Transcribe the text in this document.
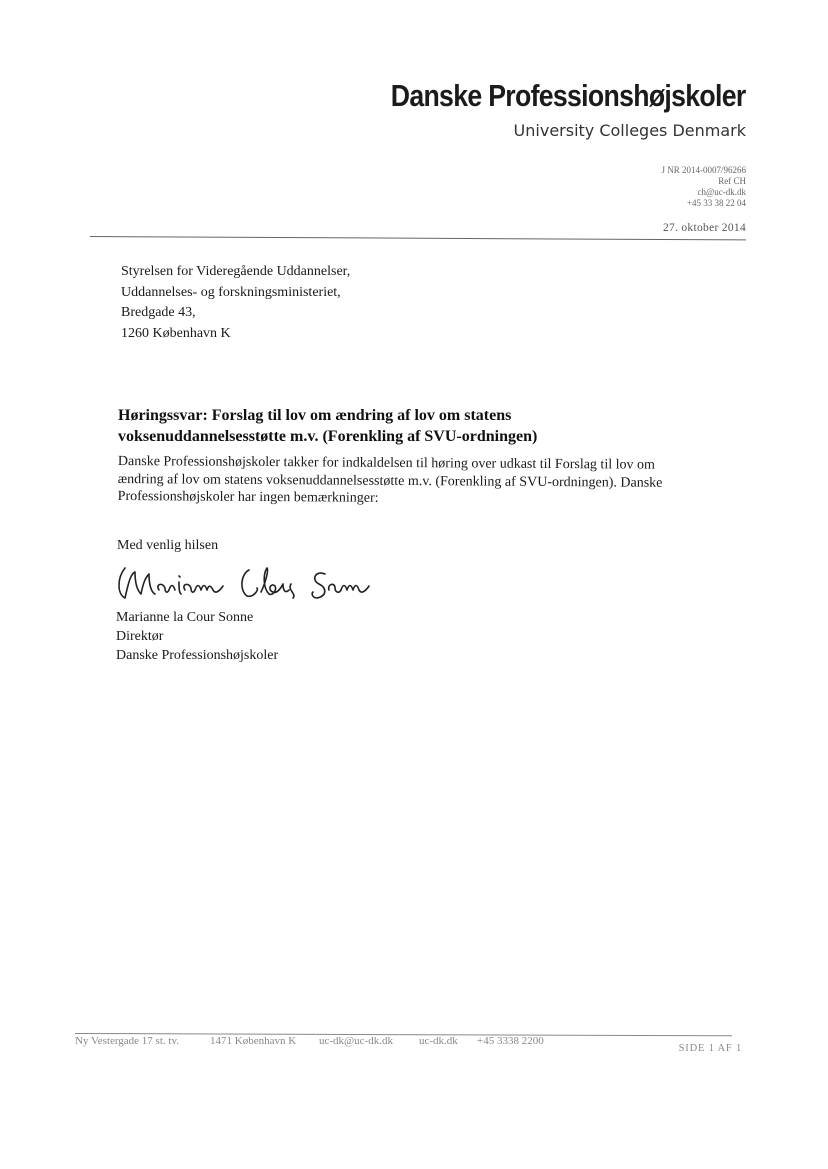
Danske Professionshøjskoler
University Colleges Denmark
J NR 2014-0007/96266
Ref CH
ch@uc-dk.dk
+45 33 38 22 04
27. oktober 2014
Styrelsen for Videregående Uddannelser,
Uddannelses- og forskningsministeriet,
Bredgade 43,
1260 København K
Høringssvar: Forslag til lov om ændring af lov om statens
voksenuddannelsesstøtte m.v. (Forenkling af SVU-ordningen)
Danske Professionshøjskoler takker for indkaldelsen til høring over udkast til Forslag til lov om
ændring af lov om statens voksenuddannelsesstøtte m.v. (Forenkling af SVU-ordningen). Danske
Professionshøjskoler har ingen bemærkninger:
Med venlig hilsen
Marianne la Cour Sonne
Direktør
Danske Professionshøjskoler
Ny Vestergade 17 st. tv.	1471 København K uc-dk@uc-dk.dk uc-dk.dk +45 3338 2200
SIDE 1 AF 1
